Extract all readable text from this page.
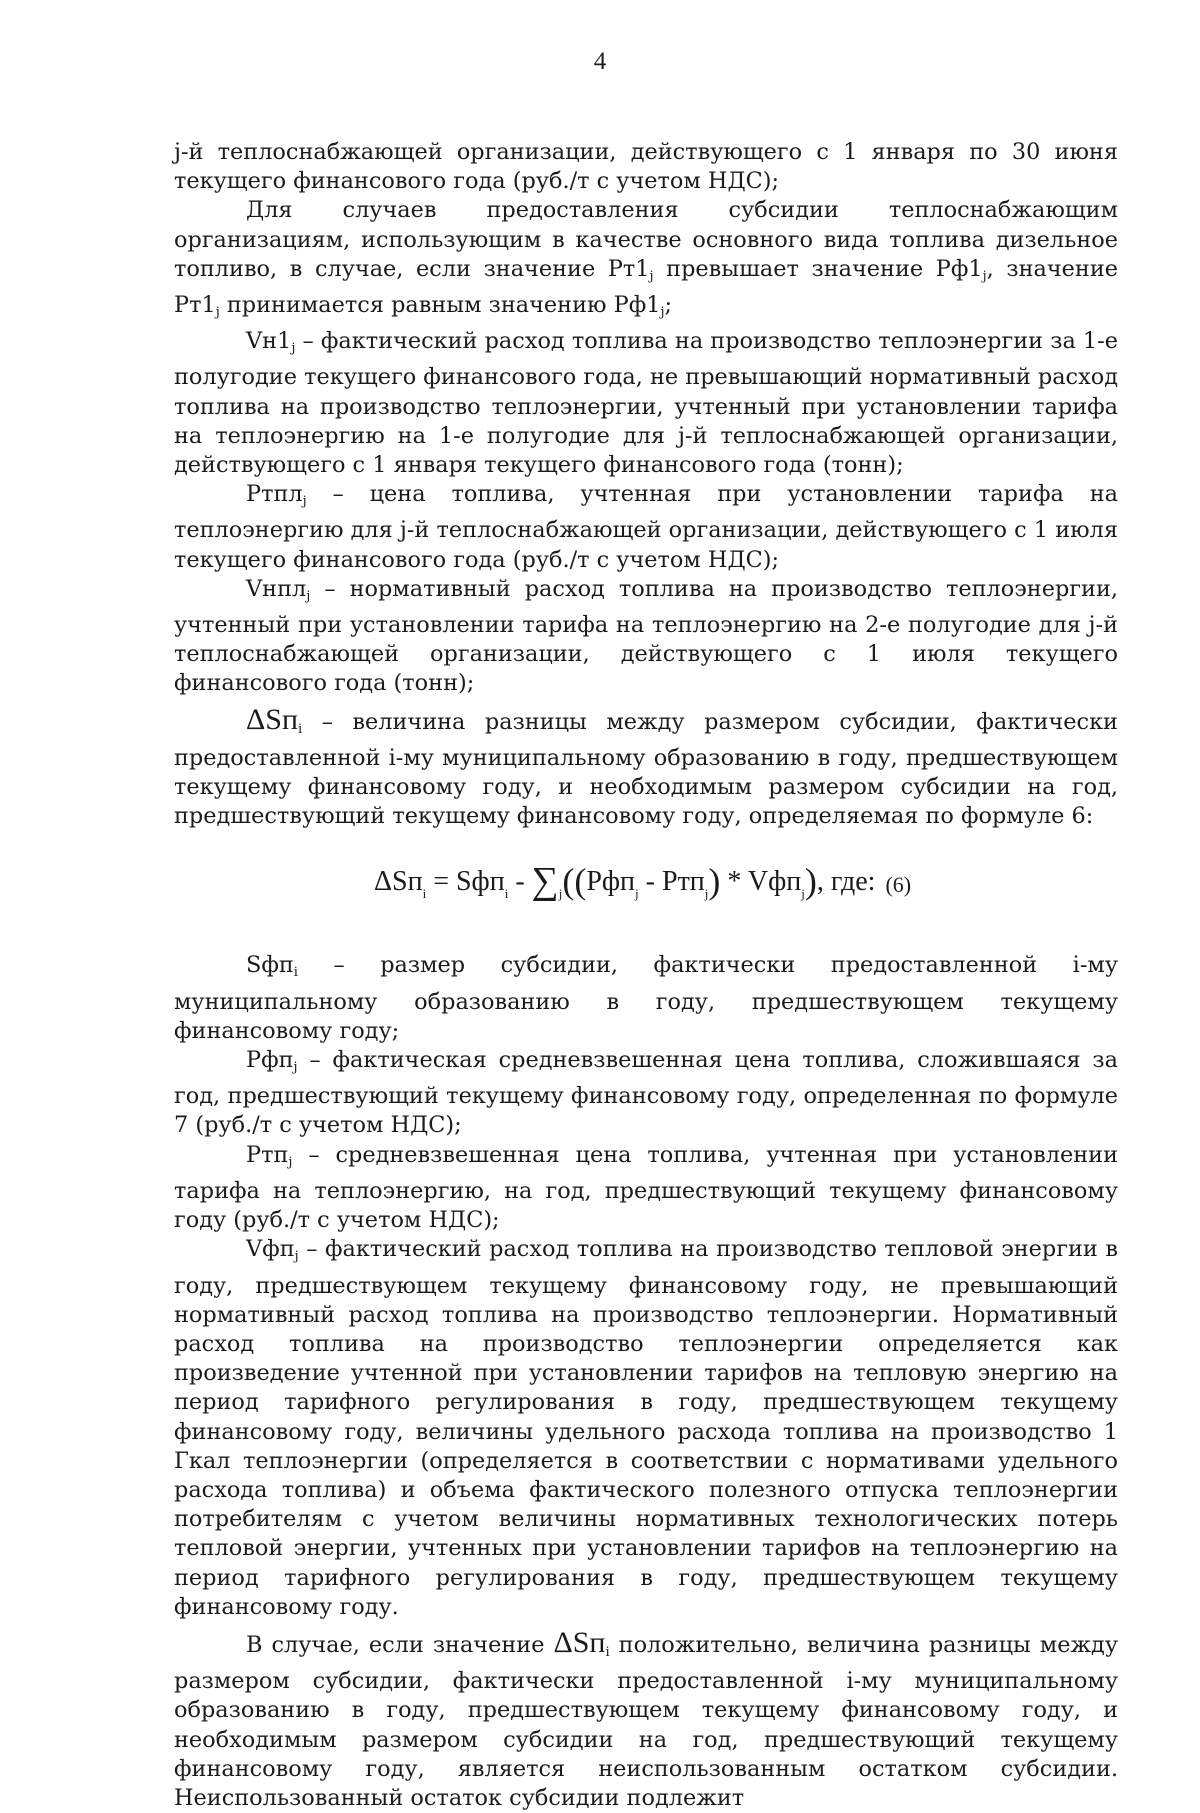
4

j-й теплоснабжающей организации, действующего с 1 января по 30 июня текущего финансового года (руб./т с учетом НДС);

Для случаев предоставления субсидии теплоснабжающим организациям, использующим в качестве основного вида топлива дизельное топливо, в случае, если значение $Рт1_j$ превышает значение $Рф1_j$, значение $Рт1_j$ принимается равным значению $Рф1_j$;

$Vн1_j$ – фактический расход топлива на производство теплоэнергии за 1-е полугодие текущего финансового года, не превышающий нормативный расход топлива на производство теплоэнергии, учтенный при установлении тарифа на теплоэнергию на 1-е полугодие для j-й теплоснабжающей организации, действующего с 1 января текущего финансового года (тонн);

Ртпл$_j$ – цена топлива, учтенная при установлении тарифа на теплоэнергию для j-й теплоснабжающей организации, действующего с 1 июля текущего финансового года (руб./т с учетом НДС);

Vнпл$_j$ – нормативный расход топлива на производство теплоэнергии, учтенный при установлении тарифа на теплоэнергию на 2-е полугодие для j-й теплоснабжающей организации, действующего с 1 июля текущего финансового года (тонн);

ΔSп$_i$ – величина разницы между размером субсидии, фактически предоставленной i-му муниципальному образованию в году, предшествующем текущему финансовому году, и необходимым размером субсидии на год, предшествующий текущему финансовому году, определяемая по формуле 6:

$\Delta Sп_i = Sфп_i - \sum_j((Рфп_j - Ртп_j) * Vфп_j)$, где: (6)

Sфп$_i$ – размер субсидии, фактически предоставленной i-му муниципальному образованию в году, предшествующем текущему финансовому году;

Рфп$_j$ – фактическая средневзвешенная цена топлива, сложившаяся за год, предшествующий текущему финансовому году, определенная по формуле 7 (руб./т с учетом НДС);

Ртп$_j$ – средневзвешенная цена топлива, учтенная при установлении тарифа на теплоэнергию, на год, предшествующий текущему финансовому году (руб./т с учетом НДС);

Vфп$_j$ – фактический расход топлива на производство тепловой энергии в году, предшествующем текущему финансовому году, не превышающий нормативный расход топлива на производство теплоэнергии. Нормативный расход топлива на производство теплоэнергии определяется как произведение учтенной при установлении тарифов на тепловую энергию на период тарифного регулирования в году, предшествующем текущему финансовому году, величины удельного расхода топлива на производство 1 Гкал теплоэнергии (определяется в соответствии с нормативами удельного расхода топлива) и объема фактического полезного отпуска теплоэнергии потребителям с учетом величины нормативных технологических потерь тепловой энергии, учтенных при установлении тарифов на теплоэнергию на период тарифного регулирования в году, предшествующем текущему финансовому году.

В случае, если значение ΔSп$_i$ положительно, величина разницы между размером субсидии, фактически предоставленной i-му муниципальному образованию в году, предшествующем текущему финансовому году, и необходимым размером субсидии на год, предшествующий текущему финансовому году, является неиспользованным остатком субсидии. Неиспользованный остаток субсидии подлежит
